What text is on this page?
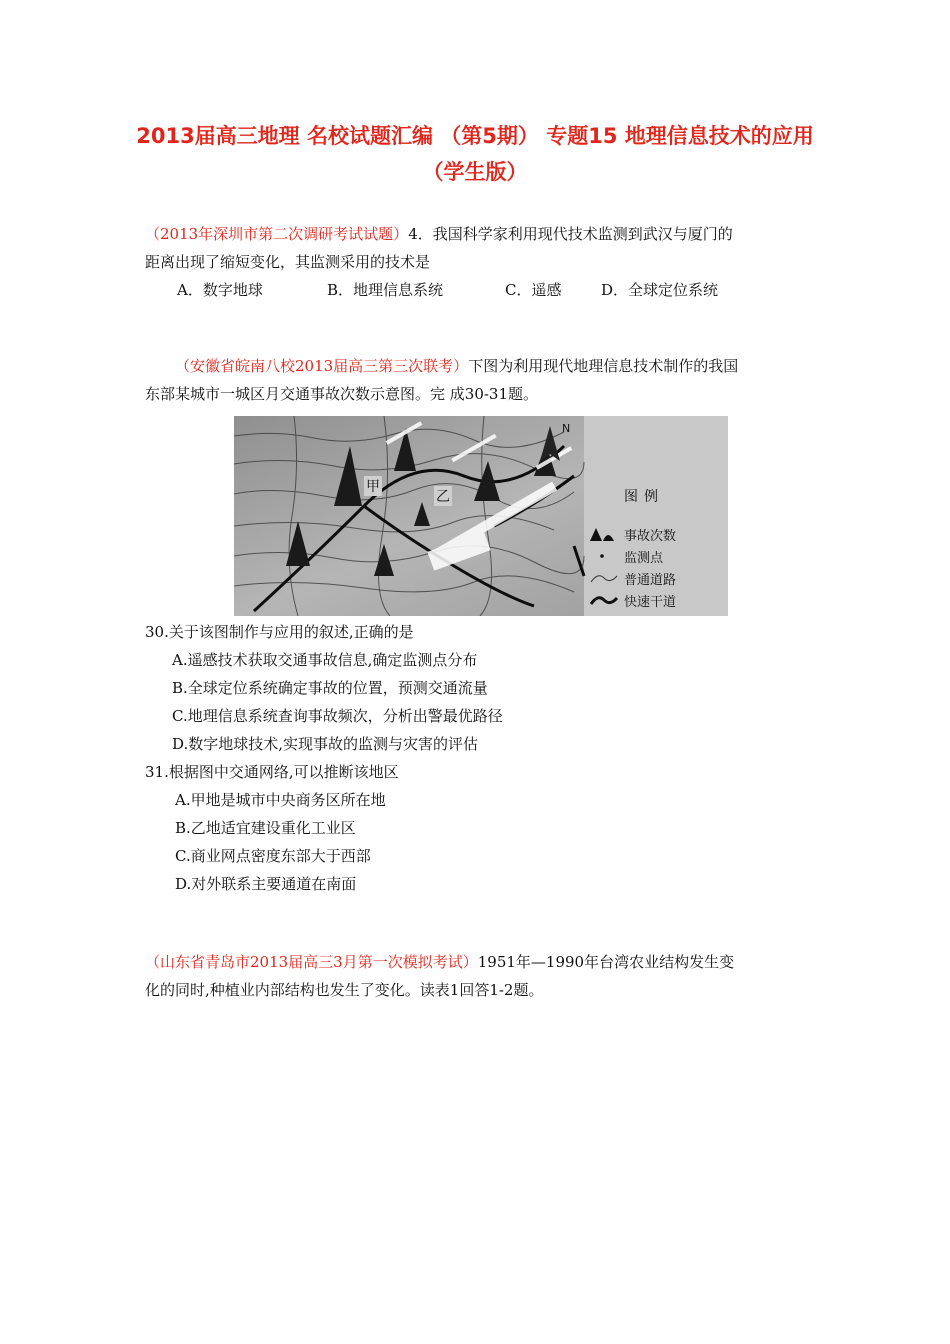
2013届高三地理 名校试题汇编 （第5期） 专题15 地理信息技术的应用（学生版）
（2013年深圳市第二次调研考试试题）4．我国科学家利用现代技术监测到武汉与厦门的
距离出现了缩短变化，其监测采用的技术是
A．数字地球	B．地理信息系统	C．遥感	D．全球定位系统
（安徽省皖南八校2013届高三第三次联考）下图为利用现代地理信息技术制作的我国
东部某城市一城区月交通事故次数示意图。完 成30-31题。
N
甲
乙	图例
事故次数
监测点
普通道路
快速干道
30.关于该图制作与应用的叙述,正确的是
A.遥感技术获取交通事故信息,确定监测点分布
B.全球定位系统确定事故的位置，预测交通流量
C.地理信息系统查询事故频次，分析出警最优路径
D.数字地球技术,实现事故的监测与灾害的评估
31.根据图中交通网络,可以推断该地区
A.甲地是城市中央商务区所在地
B.乙地适宜建设重化工业区
C.商业网点密度东部大于西部
D.对外联系主要通道在南面
（山东省青岛市2013届高三3月第一次模拟考试）1951年—1990年台湾农业结构发生变
化的同时,种植业内部结构也发生了变化。读表1回答1-2题。
